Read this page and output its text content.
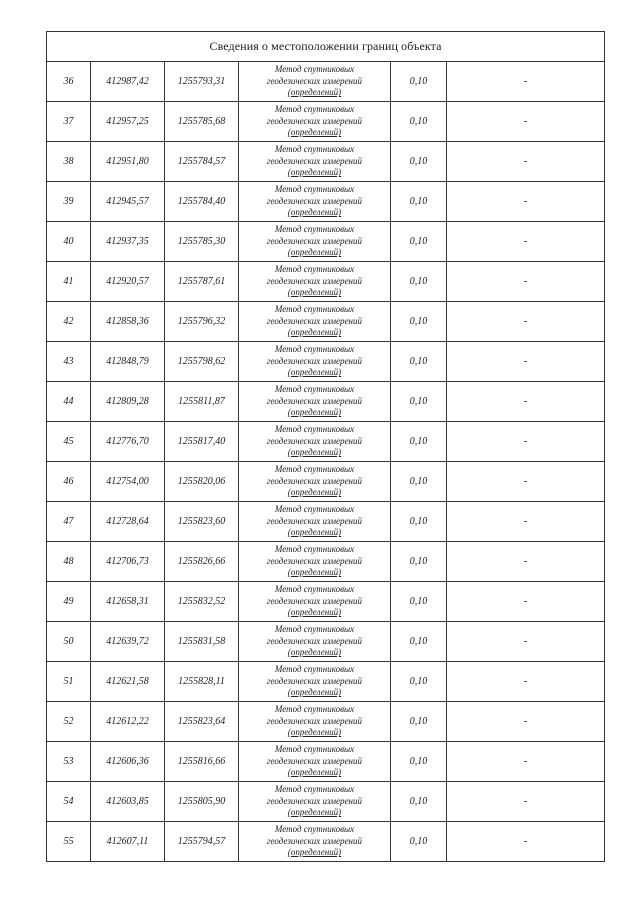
Сведения о местоположении границ объекта					
36	412987,42	1255793,31	Метод спутниковых
геодезических измерений
(определений)	0,10	-
37	412957,25	1255785,68	Метод спутниковых
геодезических измерений
(определений)	0,10	-
38	412951,80	1255784,57	Метод спутниковых
геодезических измерений
(определений)	0,10	-
39	412945,57	1255784,40	Метод спутниковых
геодезических измерений
(определений)	0,10	-
40	412937,35	1255785,30	Метод спутниковых
геодезических измерений
(определений)	0,10	-
41	412920,57	1255787,61	Метод спутниковых
геодезических измерений
(определений)	0,10	-
42	412858,36	1255796,32	Метод спутниковых
геодезических измерений
(определений)	0,10	-
43	412848,79	1255798,62	Метод спутниковых
геодезических измерений
(определений)	0,10	-
44	412809,28	1255811,87	Метод спутниковых
геодезических измерений
(определений)	0,10	-
45	412776,70	1255817,40	Метод спутниковых
геодезических измерений
(определений)	0,10	-
46	412754,00	1255820,06	Метод спутниковых
геодезических измерений
(определений)	0,10	-
47	412728,64	1255823,60	Метод спутниковых
геодезических измерений
(определений)	0,10	-
48	412706,73	1255826,66	Метод спутниковых
геодезических измерений
(определений)	0,10	-
49	412658,31	1255832,52	Метод спутниковых
геодезических измерений
(определений)	0,10	-
50	412639,72	1255831,58	Метод спутниковых
геодезических измерений
(определений)	0,10	-
51	412621,58	1255828,11	Метод спутниковых
геодезических измерений
(определений)	0,10	-
52	412612,22	1255823,64	Метод спутниковых
геодезических измерений
(определений)	0,10	-
53	412606,36	1255816,66	Метод спутниковых
геодезических измерений
(определений)	0,10	-
54	412603,85	1255805,90	Метод спутниковых
геодезических измерений
(определений)	0,10	-
55	412607,11	1255794,57	Метод спутниковых
геодезических измерений
(определений)	0,10	-
